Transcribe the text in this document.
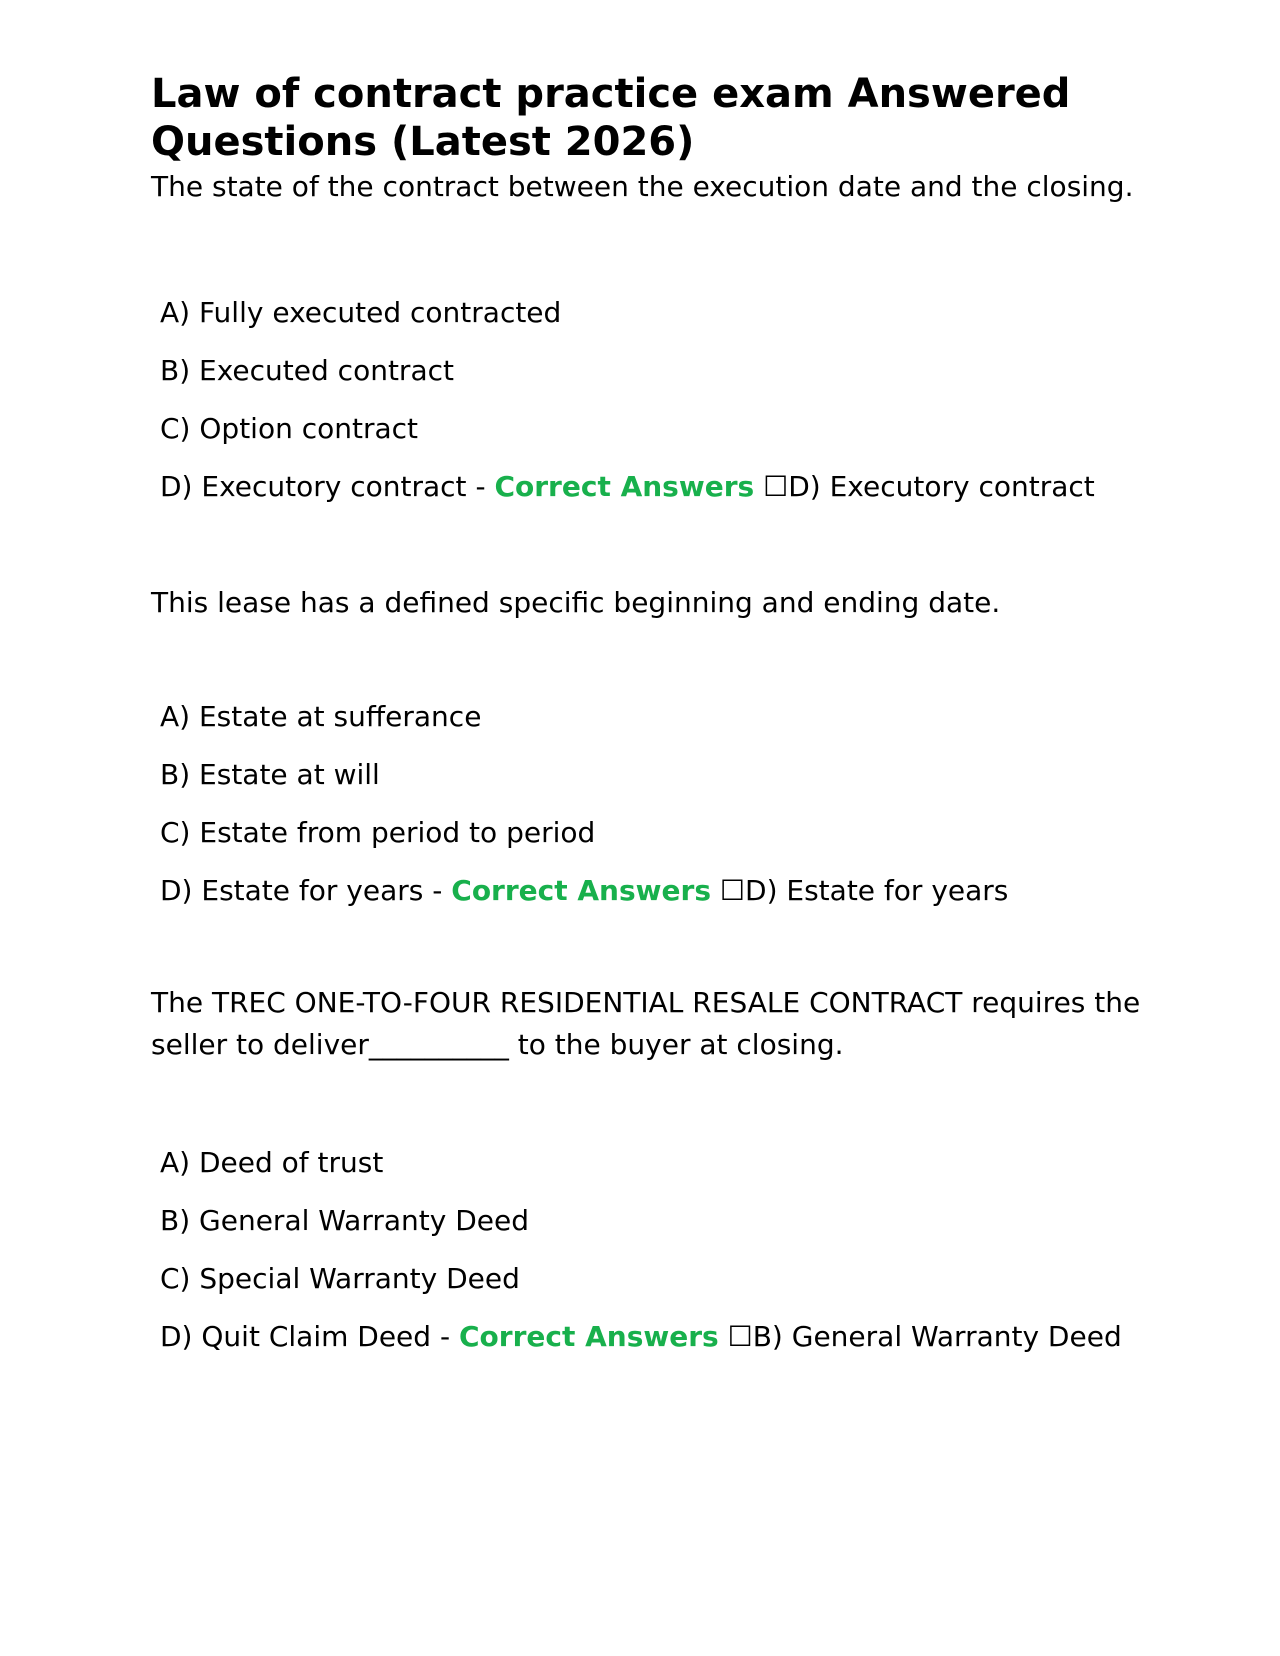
Law of contract practice exam Answered Questions (Latest 2026)

The state of the contract between the execution date and the closing.

A) Fully executed contracted

B) Executed contract

C) Option contract

D) Executory contract - Correct Answers ☐D) Executory contract

This lease has a defined specific beginning and ending date.

A) Estate at sufferance

B) Estate at will

C) Estate from period to period

D) Estate for years - Correct Answers ☐D) Estate for years

The TREC ONE-TO-FOUR RESIDENTIAL RESALE CONTRACT requires the seller to deliver__________ to the buyer at closing.

A) Deed of trust

B) General Warranty Deed

C) Special Warranty Deed

D) Quit Claim Deed - Correct Answers ☐B) General Warranty Deed
